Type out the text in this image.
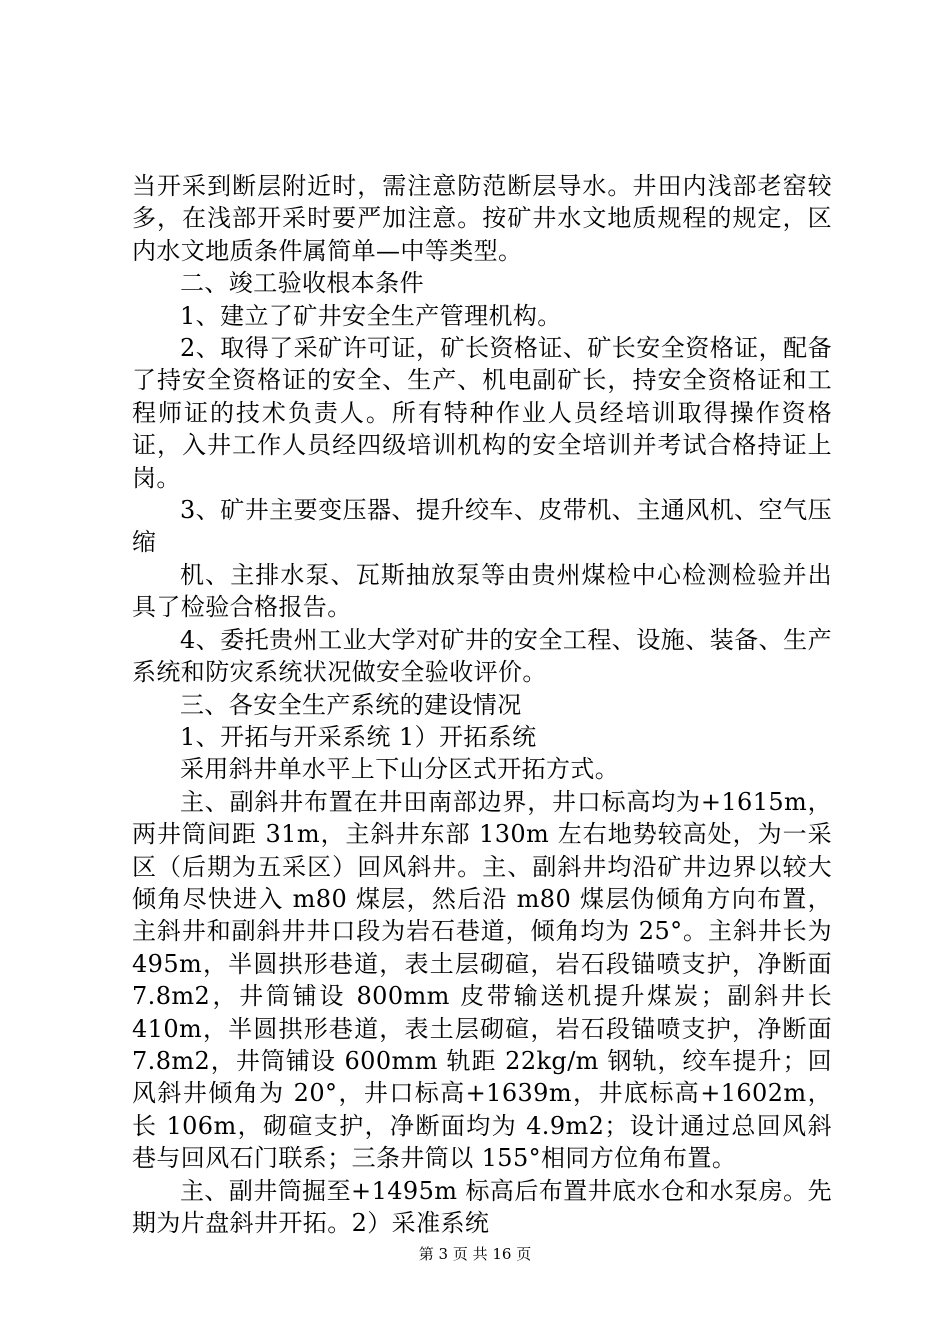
当开采到断层附近时，需注意防范断层导水。井田内浅部老窑较多，在浅部开采时要严加注意。按矿井水文地质规程的规定，区内水文地质条件属简单—中等类型。

二、竣工验收根本条件

1、建立了矿井安全生产管理机构。

2、取得了采矿许可证，矿长资格证、矿长安全资格证，配备了持安全资格证的安全、生产、机电副矿长，持安全资格证和工程师证的技术负责人。所有特种作业人员经培训取得操作资格证，入井工作人员经四级培训机构的安全培训并考试合格持证上岗。

3、矿井主要变压器、提升绞车、皮带机、主通风机、空气压缩

机、主排水泵、瓦斯抽放泵等由贵州煤检中心检测检验并出具了检验合格报告。

4、委托贵州工业大学对矿井的安全工程、设施、装备、生产系统和防灾系统状况做安全验收评价。

三、各安全生产系统的建设情况

1、开拓与开采系统 1）开拓系统

采用斜井单水平上下山分区式开拓方式。

主、副斜井布置在井田南部边界，井口标高均为+1615m，两井筒间距 31m，主斜井东部 130m 左右地势较高处，为一采区（后期为五采区）回风斜井。主、副斜井均沿矿井边界以较大倾角尽快进入 m80 煤层，然后沿 m80 煤层伪倾角方向布置，主斜井和副斜井井口段为岩石巷道，倾角均为 25°。主斜井长为 495m，半圆拱形巷道，表土层砌碹，岩石段锚喷支护，净断面 7.8m2，井筒铺设 800mm 皮带输送机提升煤炭；副斜井长 410m，半圆拱形巷道，表土层砌碹，岩石段锚喷支护，净断面 7.8m2，井筒铺设 600mm 轨距 22kg/m 钢轨，绞车提升；回风斜井倾角为 20°，井口标高+1639m，井底标高+1602m，长 106m，砌碹支护，净断面均为 4.9m2；设计通过总回风斜巷与回风石门联系；三条井筒以 155°相同方位角布置。

主、副井筒掘至+1495m 标高后布置井底水仓和水泵房。先期为片盘斜井开拓。2）采准系统

第 3 页 共 16 页
